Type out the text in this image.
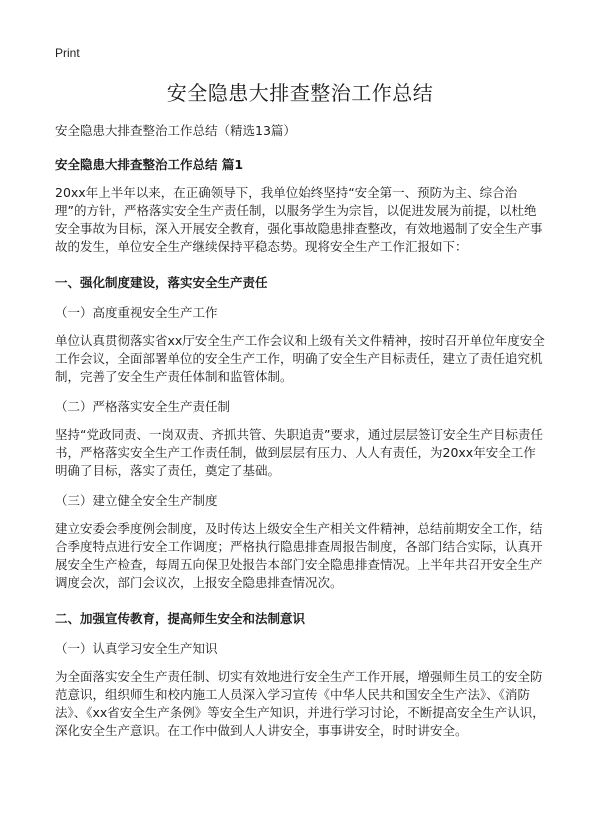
Print
安全隐患大排查整治工作总结

安全隐患大排查整治工作总结（精选13篇）

安全隐患大排查整治工作总结 篇1

20xx年上半年以来，在正确领导下，我单位始终坚持“安全第一、预防为主、综合治理”的方针，严格落实安全生产责任制，以服务学生为宗旨，以促进发展为前提，以杜绝安全事故为目标，深入开展安全教育，强化事故隐患排查整改，有效地遏制了安全生产事故的发生，单位安全生产继续保持平稳态势。现将安全生产工作汇报如下：

一、强化制度建设，落实安全生产责任

（一）高度重视安全生产工作

单位认真贯彻落实省xx厅安全生产工作会议和上级有关文件精神，按时召开单位年度安全工作会议，全面部署单位的安全生产工作，明确了安全生产目标责任，建立了责任追究机制，完善了安全生产责任体制和监管体制。

（二）严格落实安全生产责任制

坚持“党政同责、一岗双责、齐抓共管、失职追责”要求，通过层层签订安全生产目标责任书，严格落实安全生产工作责任制，做到层层有压力、人人有责任，为20xx年安全工作明确了目标，落实了责任，奠定了基础。

（三）建立健全安全生产制度

建立安委会季度例会制度，及时传达上级安全生产相关文件精神，总结前期安全工作，结合季度特点进行安全工作调度；严格执行隐患排查周报告制度，各部门结合实际，认真开展安全生产检查，每周五向保卫处报告本部门安全隐患排查情况。上半年共召开安全生产调度会次，部门会议次，上报安全隐患排查情况次。

二、加强宣传教育，提高师生安全和法制意识

（一）认真学习安全生产知识

为全面落实安全生产责任制、切实有效地进行安全生产工作开展，增强师生员工的安全防范意识，组织师生和校内施工人员深入学习宣传《中华人民共和国安全生产法》、《消防法》、《xx省安全生产条例》等安全生产知识，并进行学习讨论，不断提高安全生产认识，深化安全生产意识。在工作中做到人人讲安全，事事讲安全，时时讲安全。
